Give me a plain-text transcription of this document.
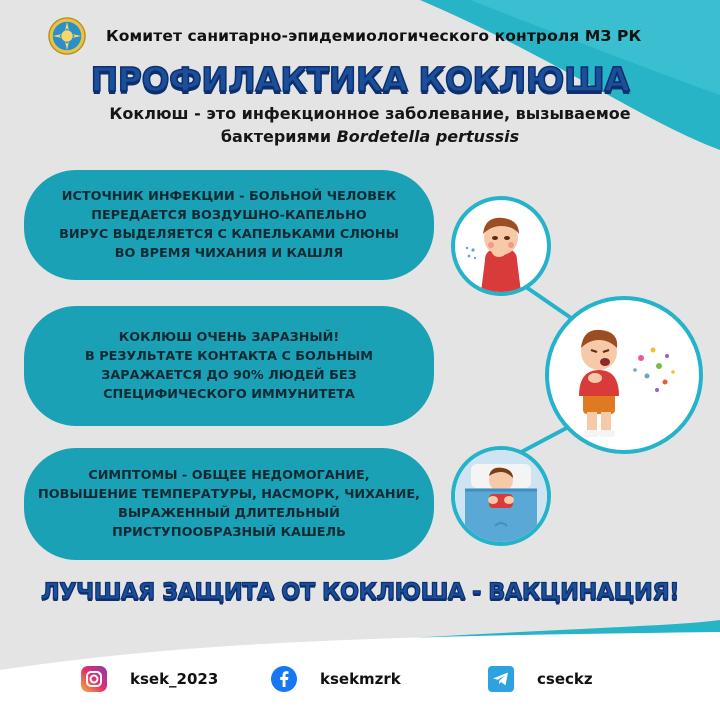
Комитет санитарно-эпидемиологического контроля МЗ РК
ПРОФИЛАКТИКА КОКЛЮША
Коклюш - это инфекционное заболевание, вызываемое
бактериями Bordetella pertussis
ИСТОЧНИК ИНФЕКЦИИ - БОЛЬНОЙ ЧЕЛОВЕК
ПЕРЕДАЕТСЯ ВОЗДУШНО-КАПЕЛЬНО
ВИРУС ВЫДЕЛЯЕТСЯ С КАПЕЛЬКАМИ СЛЮНЫ
ВО ВРЕМЯ ЧИХАНИЯ И КАШЛЯ
КОКЛЮШ ОЧЕНЬ ЗАРАЗНЫЙ!
В РЕЗУЛЬТАТЕ КОНТАКТА С БОЛЬНЫМ
ЗАРАЖАЕТСЯ ДО 90% ЛЮДЕЙ БЕЗ
СПЕЦИФИЧЕСКОГО ИММУНИТЕТА
СИМПТОМЫ - ОБЩЕЕ НЕДОМОГАНИЕ,
ПОВЫШЕНИЕ ТЕМПЕРАТУРЫ, НАСМОРК, ЧИХАНИЕ,
ВЫРАЖЕННЫЙ ДЛИТЕЛЬНЫЙ
ПРИСТУПООБРАЗНЫЙ КАШЕЛЬ
ЛУЧШАЯ ЗАЩИТА ОТ КОКЛЮША - ВАКЦИНАЦИЯ!
ksek_2023	ksekmzrk	cseckz
